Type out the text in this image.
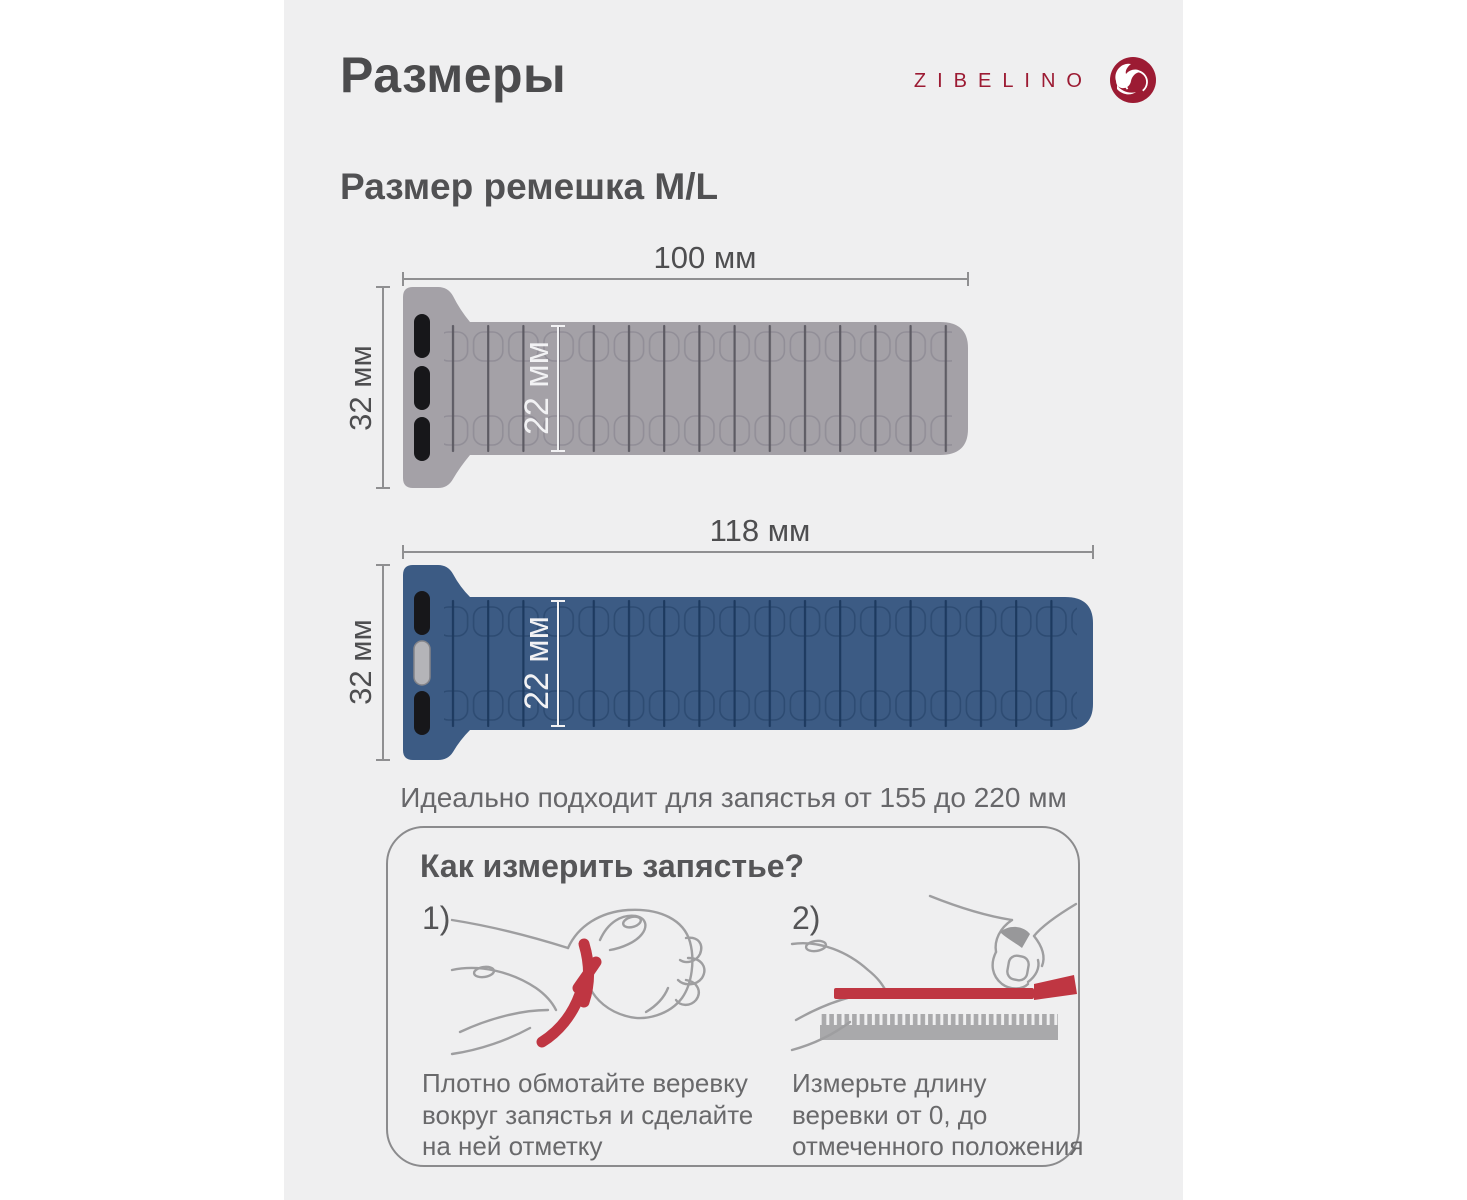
Размеры	ZIBELINO
Размер ремешка M/L
100 мм
32 мм	22 мм
118 мм
32 мм	22 мм
Идеально подходит для запястья от 155 до 220 мм
Как измерить запястье?
1)	2)
Плотно обмотайте веревку вокруг запястья и сделайте на ней отметку
Измерьте длину веревки от 0, до отмеченного положения
